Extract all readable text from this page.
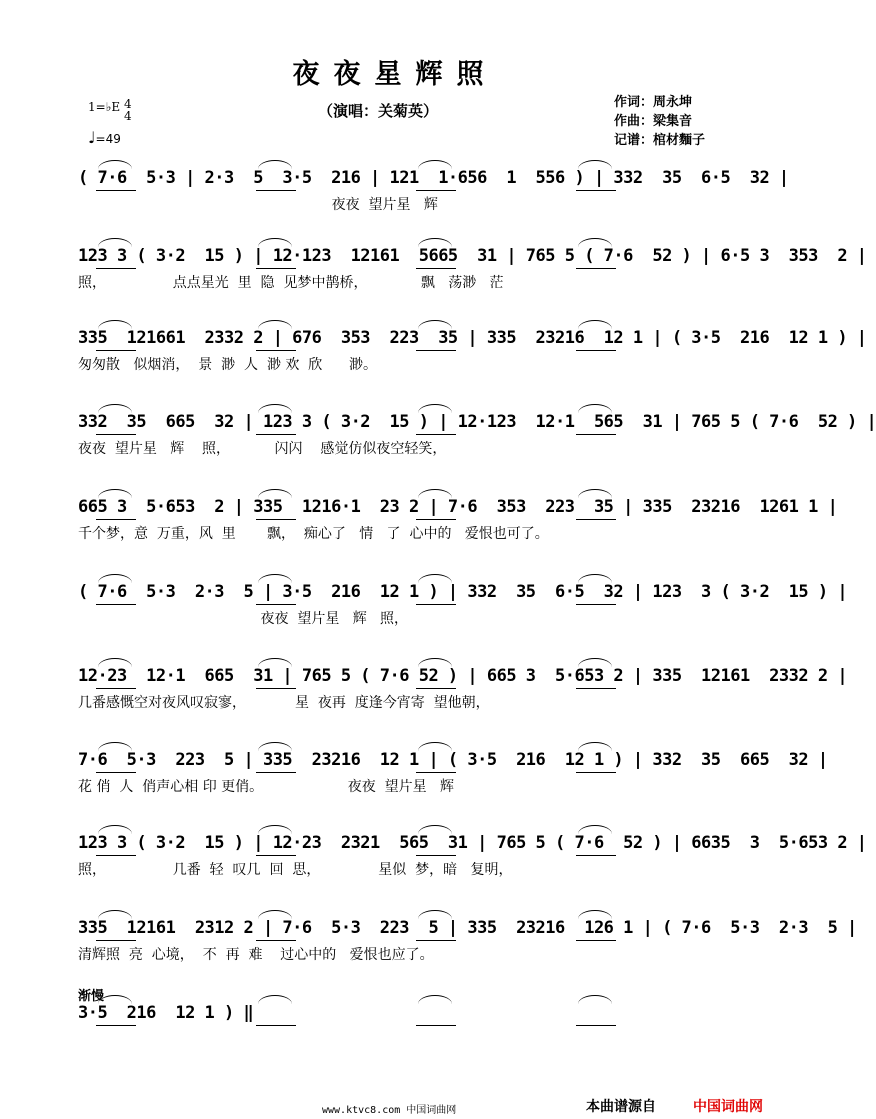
夜夜星辉照
（演唱：关菊英）	作词：周永坤
作曲：梁集音
记谱：棺材麵子
1=♭E 4
4
♩=49
( 7·6  5·3 | 2·3  5  3·5  216 | 121  1·656  1  556 ) | 332  35  6·5  32 |
夜夜  望片星   辉
123 3 ( 3·2  15 ) | 12·123  12161  5665  31 | 765 5 ( 7·6  52 ) | 6·5 3  353  2 |
照，               点点星光  里  隐  见梦中鹊桥，            飘   荡渺   茫
335  121661  2332 2 | 676  353  223  35 | 335  23216  12 1 | ( 3·5  216  12 1 ) |
匆匆散   似烟消，  景  渺  人  渺 欢  欣      渺。
332  35  665  32 | 123 3 ( 3·2  15 ) | 12·123  12·1  565  31 | 765 5 ( 7·6  52 ) |
夜夜  望片星   辉    照，          闪闪    感觉仿似夜空轻笑，
665 3  5·653  2 | 335  1216·1  23 2 | 7·6  353  223  35 | 335  23216  1261 1 |
千个梦，意  万重，风  里       飘，  痴心了   情   了  心中的   爱恨也可了。
( 7·6  5·3  2·3  5 | 3·5  216  12 1 ) | 332  35  6·5  32 | 123  3 ( 3·2  15 ) |
夜夜  望片星   辉   照，
12·23  12·1  665  31 | 765 5 ( 7·6 52 ) | 665 3  5·653 2 | 335  12161  2332 2 |
几番感慨空对夜风叹寂寥，           星  夜再  度逢今宵寄  望他朝，
7·6  5·3  223  5 | 335  23216  12 1 | ( 3·5  216  12 1 ) | 332  35  665  32 |
花 俏  人  俏声心相 印 更俏。                   夜夜  望片星   辉
123 3 ( 3·2  15 ) | 12·23  2321  565  31 | 765 5 ( 7·6  52 ) | 6635  3  5·653 2 |
照，               几番  轻  叹几  回  思，             星似  梦，暗   复明，
335  12161  2312 2 | 7·6  5·3  223  5 | 335  23216  126 1 | ( 7·6  5·3  2·3  5 |
清辉照  亮  心境，  不  再  难    过心中的   爱恨也应了。
3·5  216  12 1 ) ‖
渐慢
www.ktvc8.com 中国词曲网	本曲谱源自	中国词曲网
